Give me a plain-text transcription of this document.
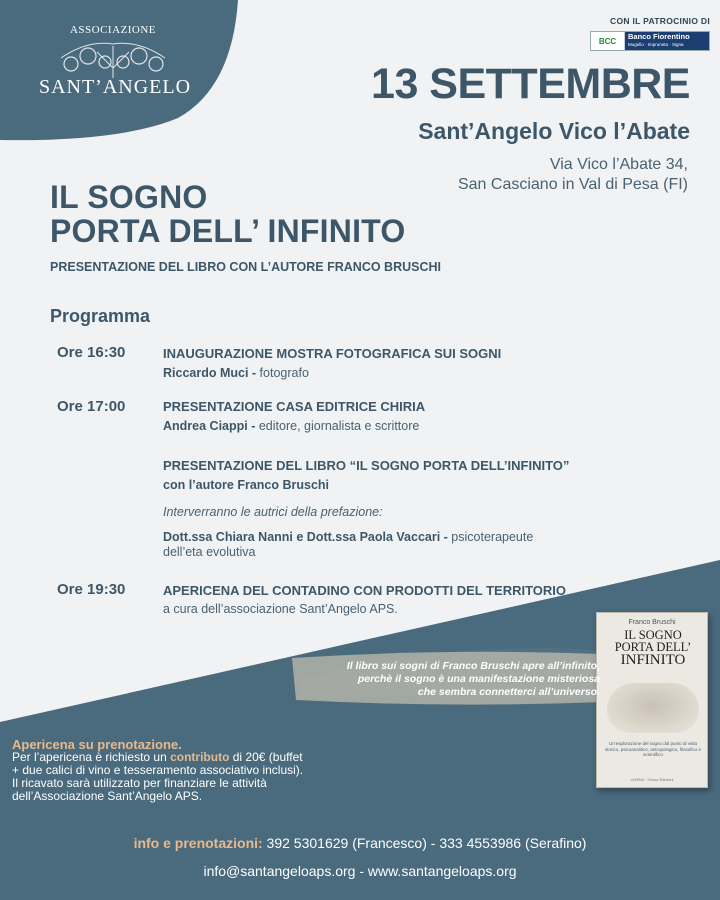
ASSOCIAZIONE
SANT’ANGELO
CON IL PATROCINIO DI
BCC	Banco Fiorentino
Mugello · Impruneta · Signa
13 SETTEMBRE
Sant’Angelo Vico l’Abate
Via Vico l’Abate 34,
San Casciano in Val di Pesa (FI)
IL SOGNO
PORTA DELL’ INFINITO
PRESENTAZIONE DEL LIBRO CON L’AUTORE FRANCO BRUSCHI
Programma
Ore 16:30	INAUGURAZIONE MOSTRA FOTOGRAFICA SUI SOGNI
Riccardo Muci - fotografo
Ore 17:00	PRESENTAZIONE CASA EDITRICE CHIRIA
Andrea Ciappi - editore, giornalista e scrittore
PRESENTAZIONE DEL LIBRO “IL SOGNO PORTA DELL’INFINITO”
con l’autore Franco Bruschi
Interverranno le autrici della prefazione:
Dott.ssa Chiara Nanni e Dott.ssa Paola Vaccari - psicoterapeute
dell’eta evolutiva
Ore 19:30	APERICENA DEL CONTADINO CON PRODOTTI DEL TERRITORIO
a cura dell’associazione Sant’Angelo APS.
Franco Bruschi
IL SOGNO
PORTA DELL’
INFINITO
Un’esplorazione del sogno dal punto di vista storico, psicoanalitico, antropologico, filosofico e scientifico
CHIRIA · Civico Edizioni
Il libro sui sogni di Franco Bruschi apre all’infinito,
perchè il sogno è una manifestazione misteriosa
che sembra connetterci all’universo.
Apericena su prenotazione.
Per l’apericena è richiesto un contributo di 20€ (buffet
+ due calici di vino e tesseramento associativo inclusi).
Il ricavato sarà utilizzato per finanziare le attività
dell’Associazione Sant’Angelo APS.
info e prenotazioni: 392 5301629 (Francesco) - 333 4553986 (Serafino)
info@santangeloaps.org - www.santangeloaps.org
